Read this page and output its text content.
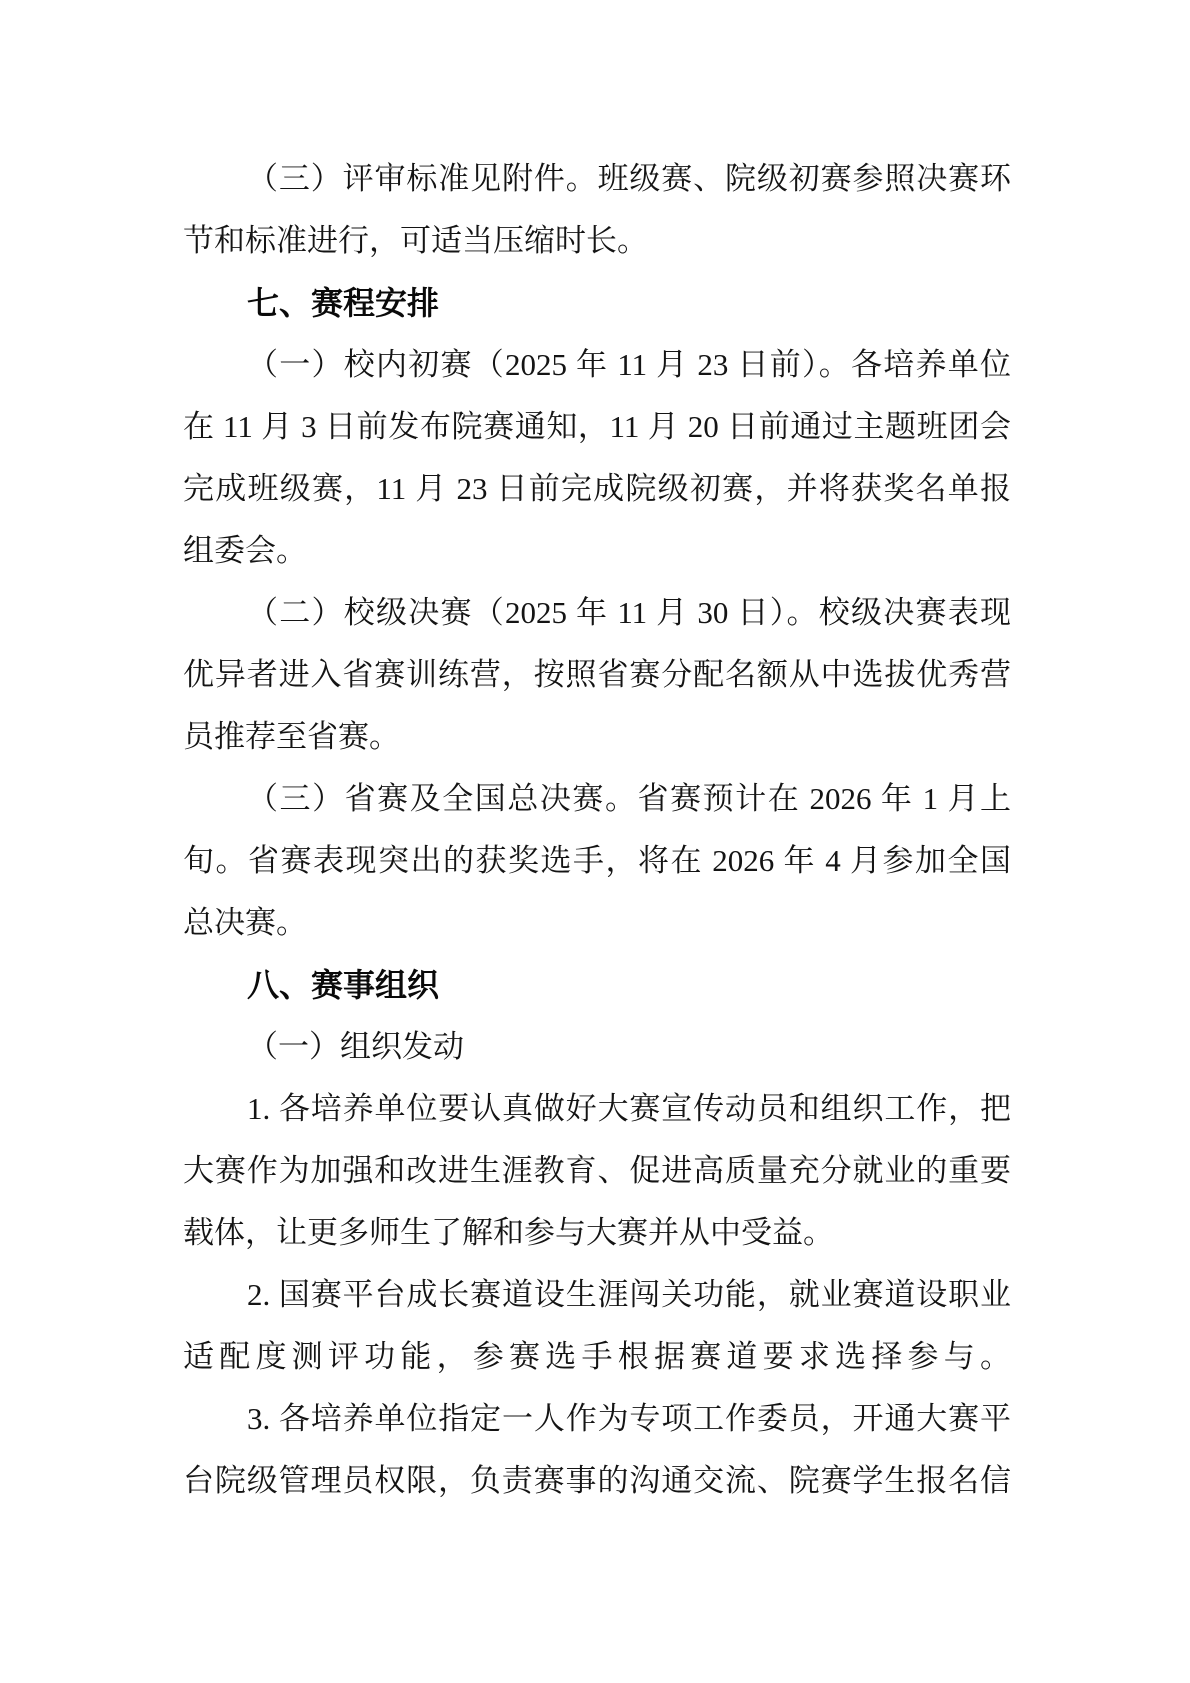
（三）评审标准见附件。班级赛、院级初赛参照决赛环
节和标准进行，可适当压缩时长。
七、赛程安排
（一）校内初赛（2025 年 11 月 23 日前）。各培养单位
在 11 月 3 日前发布院赛通知，11 月 20 日前通过主题班团会
完成班级赛，11 月 23 日前完成院级初赛，并将获奖名单报
组委会。
（二）校级决赛（2025 年 11 月 30 日）。校级决赛表现
优异者进入省赛训练营，按照省赛分配名额从中选拔优秀营
员推荐至省赛。
（三）省赛及全国总决赛。省赛预计在 2026 年 1 月上
旬。省赛表现突出的获奖选手，将在 2026 年 4 月参加全国
总决赛。
八、赛事组织
（一）组织发动
1. 各培养单位要认真做好大赛宣传动员和组织工作，把
大赛作为加强和改进生涯教育、促进高质量充分就业的重要
载体，让更多师生了解和参与大赛并从中受益。
2. 国赛平台成长赛道设生涯闯关功能，就业赛道设职业
适配度测评功能，参赛选手根据赛道要求选择参与。
3. 各培养单位指定一人作为专项工作委员，开通大赛平
台院级管理员权限，负责赛事的沟通交流、院赛学生报名信
